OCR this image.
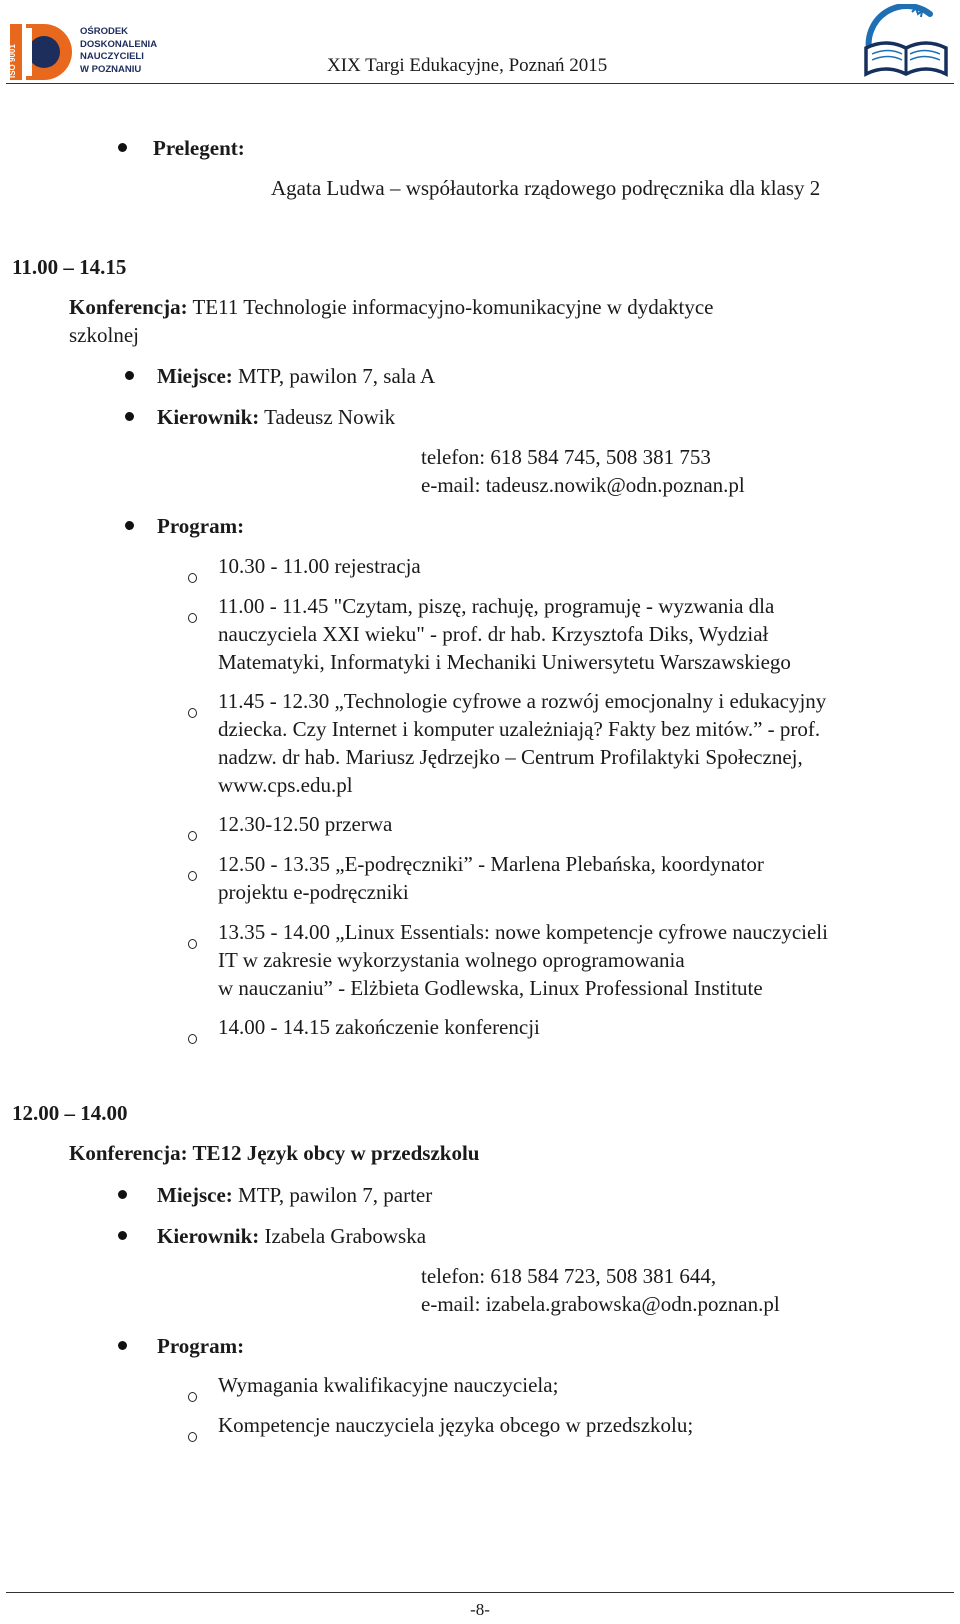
ISO 9001
OŚRODEK
DOSKONALENIA
NAUCZYCIELI
W POZNANIU	XIX Targi Edukacyjne, Poznań 2015
Prelegent:
Agata Ludwa – współautorka rządowego podręcznika dla klasy 2
11.00 – 14.15
Konferencja: TE11 Technologie informacyjno-komunikacyjne w dydaktyce
szkolnej
Miejsce: MTP, pawilon 7, sala A
Kierownik: Tadeusz Nowik
telefon: 618 584 745, 508 381 753
e-mail: tadeusz.nowik@odn.poznan.pl
Program:
10.30 - 11.00 rejestracja
11.00 - 11.45 "Czytam, piszę, rachuję, programuję - wyzwania dla
nauczyciela XXI wieku" - prof. dr hab. Krzysztofa Diks, Wydział
Matematyki, Informatyki i Mechaniki Uniwersytetu Warszawskiego
11.45 - 12.30 „Technologie cyfrowe a rozwój emocjonalny i edukacyjny
dziecka. Czy Internet i komputer uzależniają? Fakty bez mitów.” - prof.
nadzw. dr hab. Mariusz Jędrzejko – Centrum Profilaktyki Społecznej,
www.cps.edu.pl
12.30-12.50 przerwa
12.50 - 13.35 „E-podręczniki” - Marlena Plebańska, koordynator
projektu e-podręczniki
13.35 - 14.00 „Linux Essentials: nowe kompetencje cyfrowe nauczycieli
IT w zakresie wykorzystania wolnego oprogramowania
w nauczaniu” - Elżbieta Godlewska, Linux Professional Institute
14.00 - 14.15 zakończenie konferencji
12.00 – 14.00
Konferencja: TE12 Język obcy w przedszkolu
Miejsce: MTP, pawilon 7, parter
Kierownik: Izabela Grabowska
telefon: 618 584 723, 508 381 644,
e-mail: izabela.grabowska@odn.poznan.pl
Program:
Wymagania kwalifikacyjne nauczyciela;
Kompetencje nauczyciela języka obcego w przedszkolu;
-8-
